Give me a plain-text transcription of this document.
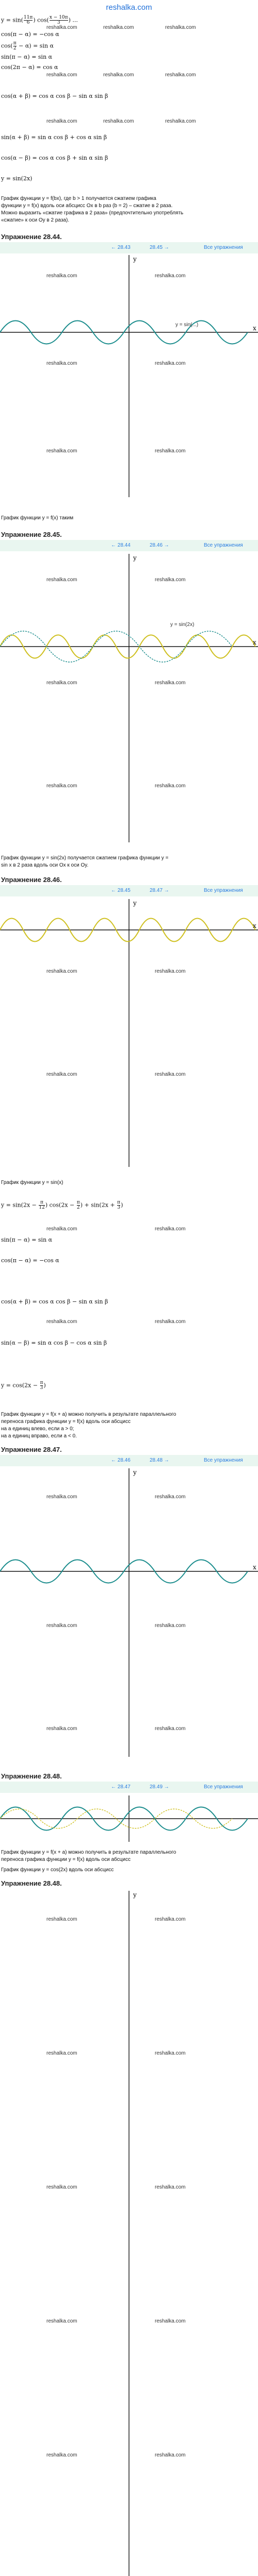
reshalka.com
$y = \sin( \frac{11\pi}{6}$ ) $\cos( \frac{x - 10\pi}{3}$ ) ...
cos(π − α) = −cos α
$\cos( \frac{\pi}{2} - \alpha) = \sin \alpha$
sin(π − α) = sin α
cos(2π − α) = cos α
cos(α + β) = cos α cos β − sin α sin β
sin(α + β) = sin α cos β + cos α sin β
cos(α − β) = cos α cos β + sin α sin β
y = sin(2x)
reshalka.com	reshalka.com	reshalka.com
reshalka.com	reshalka.com	reshalka.com
reshalka.com	reshalka.com	reshalka.com
График функции y = f(bx), где b > 1 получается сжатием графика
функции y = f(x) вдоль оси абсцисс Ox в b раз (b = 2) – сжатие в 2 раза.
Можно выразить «сжатие графика в 2 раза» (предпочтительно употреблять
«сжатие» к оси Oy в 2 раза).
Упражнение 28.44.
← 28.43	28.45 →	Все упражнения
y
x
y = sin(...)
reshalka.com	reshalka.com
reshalka.com	reshalka.com
reshalka.com	reshalka.com
График функции y = f(x) таким
Упражнение 28.45.
← 28.44	28.46 →	Все упражнения
y
x
y = sin(2x)
reshalka.com	reshalka.com
reshalka.com	reshalka.com
reshalka.com	reshalka.com
График функции y = sin(2x) получается сжатием графика функции y =
sin x в 2 раза вдоль оси Ox к оси Oy.
Упражнение 28.46.
← 28.45	28.47 →	Все упражнения
y
x
reshalka.com	reshalka.com
reshalka.com	reshalka.com
График функции y = sin(x)
$y = \sin(2x - \frac{\pi}{12}$ ) $\cos(2x - \frac{\pi}{2}$ ) + $\sin(2x + \frac{\pi}{3}$ )
sin(π − α) = sin α
cos(π − α) = −cos α
cos(α + β) = cos α cos β − sin α sin β
sin(α − β) = sin α cos β − cos α sin β
$y = \cos(2x - \frac{\pi}{3}$ )
reshalka.com	reshalka.com
reshalka.com	reshalka.com
График функции y = f(x + a) можно получить в результате параллельного
переноса графика функции y = f(x) вдоль оси абсцисс
на a единиц влево, если a > 0;
на a единиц вправо, если a < 0.
Упражнение 28.47.
← 28.46	28.48 →	Все упражнения
y
x
reshalka.com	reshalka.com
reshalka.com	reshalka.com
reshalka.com	reshalka.com
Упражнение 28.48.
← 28.47	28.49 →	Все упражнения
График функции y = f(x + a) можно получить в результате параллельного
переноса графика функции y = f(x) вдоль оси абсцисс
График функции y = cos(2x) вдоль оси абсцисс
Упражнение 28.48.
y
reshalka.com	reshalka.com
reshalka.com	reshalka.com
reshalka.com	reshalka.com
reshalka.com	reshalka.com
reshalka.com	reshalka.com
